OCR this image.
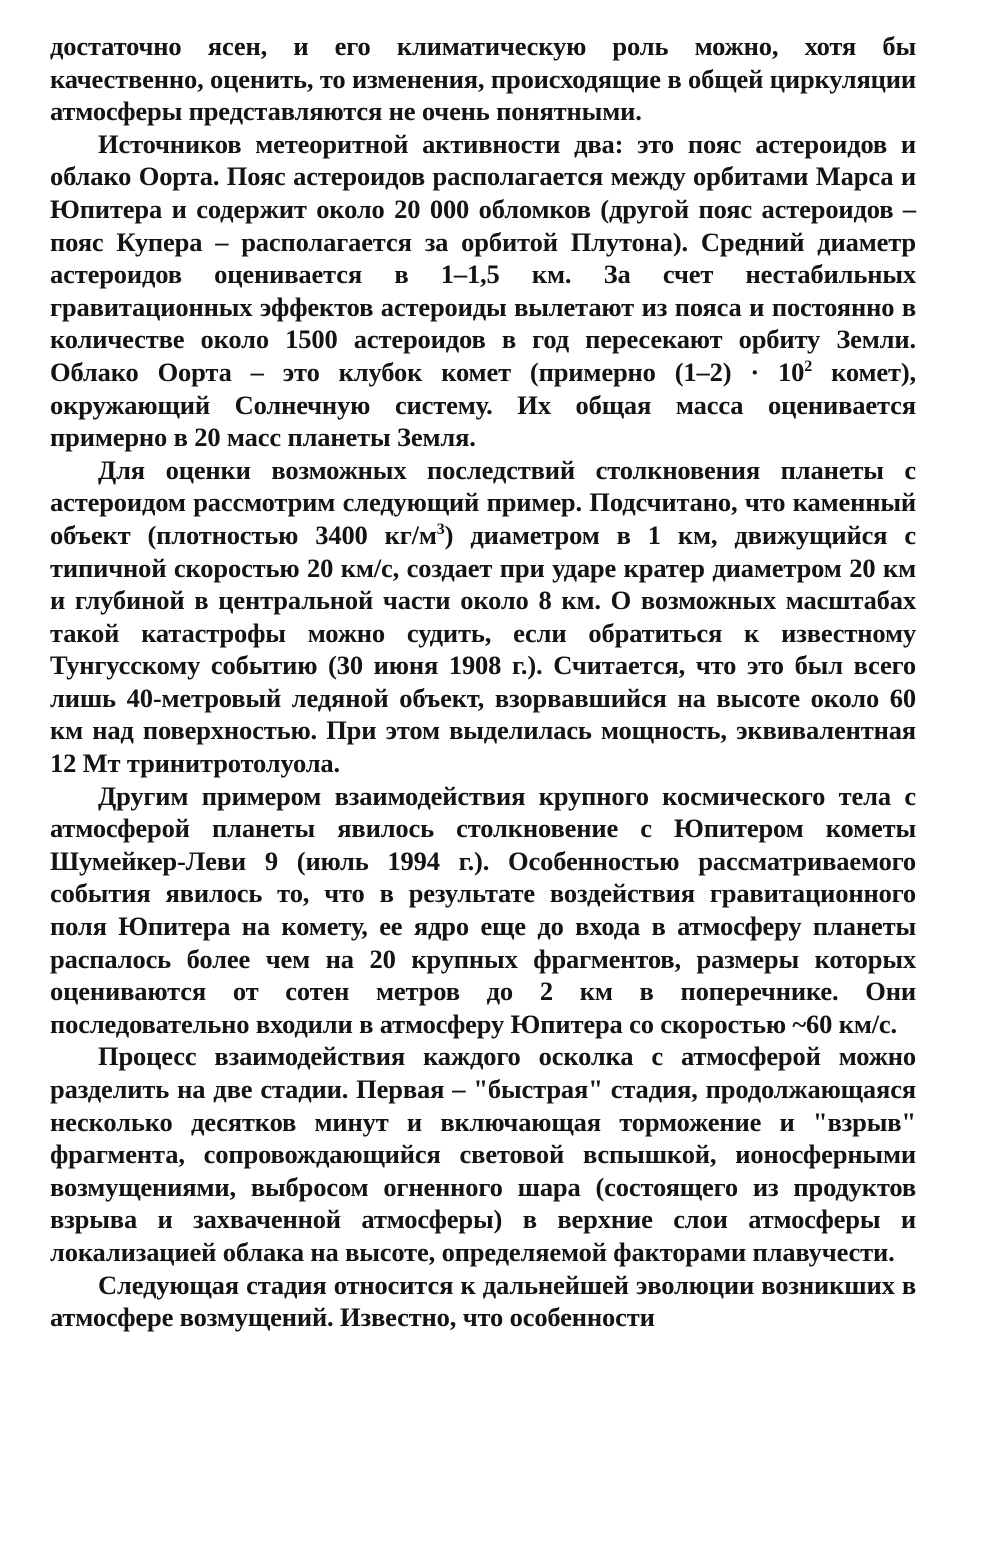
достаточно ясен, и его климатическую роль можно, хотя бы качественно, оценить, то изменения, происходящие в общей циркуляции атмосферы представляются не очень понятными.

Источников метеоритной активности два: это пояс астероидов и облако Оорта. Пояс астероидов располагается между орбитами Марса и Юпитера и содержит около 20 000 обломков (другой пояс астероидов – пояс Купера – располагается за орбитой Плутона). Средний диаметр астероидов оценивается в 1–1,5 км. За счет нестабильных гравитационных эффектов астероиды вылетают из пояса и постоянно в количестве около 1500 астероидов в год пересекают орбиту Земли. Облако Оорта – это клубок комет (примерно $(1-2) \cdot 10^2$ комет), окружающий Солнечную систему. Их общая масса оценивается примерно в 20 масс планеты Земля.

Для оценки возможных последствий столкновения планеты с астероидом рассмотрим следующий пример. Подсчитано, что каменный объект (плотностью 3400 $кг/м^3$) диаметром в 1 км, движущийся с типичной скоростью 20 км/с, создает при ударе кратер диаметром 20 км и глубиной в центральной части около 8 км. О возможных масштабах такой катастрофы можно судить, если обратиться к известному Тунгусскому событию (30 июня 1908 г.). Считается, что это был всего лишь 40-метровый ледяной объект, взорвавшийся на высоте около 60 км над поверхностью. При этом выделилась мощность, эквивалентная 12 Мт тринитротолуола.

Другим примером взаимодействия крупного космического тела с атмосферой планеты явилось столкновение с Юпитером кометы Шумейкер-Леви 9 (июль 1994 г.). Особенностью рассматриваемого события явилось то, что в результате воздействия гравитационного поля Юпитера на комету, ее ядро еще до входа в атмосферу планеты распалось более чем на 20 крупных фрагментов, размеры которых оцениваются от сотен метров до 2 км в поперечнике. Они последовательно входили в атмосферу Юпитера со скоростью ~60 км/с.

Процесс взаимодействия каждого осколка с атмосферой можно разделить на две стадии. Первая – "быстрая" стадия, продолжающаяся несколько десятков минут и включающая торможение и "взрыв" фрагмента, сопровождающийся световой вспышкой, ионосферными возмущениями, выбросом огненного шара (состоящего из продуктов взрыва и захваченной атмосферы) в верхние слои атмосферы и локализацией облака на высоте, определяемой факторами плавучести.

Следующая стадия относится к дальнейшей эволюции возникших в атмосфере возмущений. Известно, что особенности
